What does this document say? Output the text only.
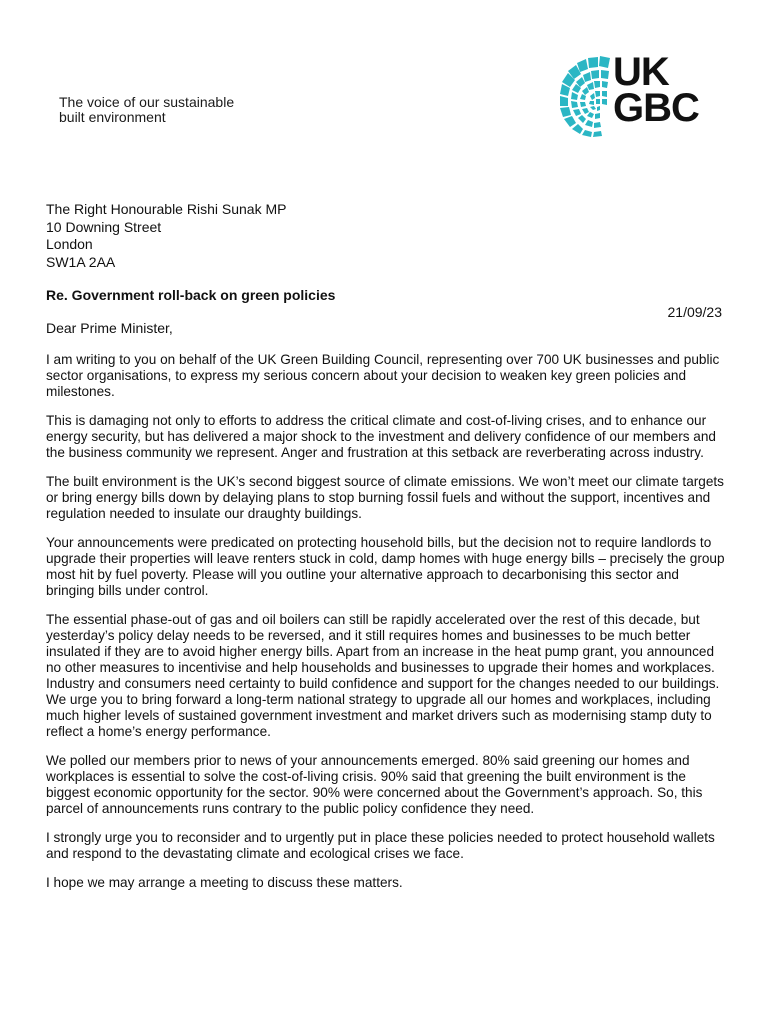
The voice of our sustainable
built environment
UK
GBC
The Right Honourable Rishi Sunak MP
10 Downing Street
London
SW1A 2AA
Re. Government roll-back on green policies
21/09/23
Dear Prime Minister,

I am writing to you on behalf of the UK Green Building Council, representing over 700 UK businesses and public sector organisations, to express my serious concern about your decision to weaken key green policies and milestones.

This is damaging not only to efforts to address the critical climate and cost-of-living crises, and to enhance our energy security, but has delivered a major shock to the investment and delivery confidence of our members and the business community we represent. Anger and frustration at this setback are reverberating across industry.

The built environment is the UK’s second biggest source of climate emissions. We won’t meet our climate targets or bring energy bills down by delaying plans to stop burning fossil fuels and without the support, incentives and regulation needed to insulate our draughty buildings.

Your announcements were predicated on protecting household bills, but the decision not to require landlords to upgrade their properties will leave renters stuck in cold, damp homes with huge energy bills – precisely the group most hit by fuel poverty. Please will you outline your alternative approach to decarbonising this sector and bringing bills under control.

The essential phase-out of gas and oil boilers can still be rapidly accelerated over the rest of this decade, but yesterday’s policy delay needs to be reversed, and it still requires homes and businesses to be much better insulated if they are to avoid higher energy bills. Apart from an increase in the heat pump grant, you announced no other measures to incentivise and help households and businesses to upgrade their homes and workplaces. Industry and consumers need certainty to build confidence and support for the changes needed to our buildings. We urge you to bring forward a long-term national strategy to upgrade all our homes and workplaces, including much higher levels of sustained government investment and market drivers such as modernising stamp duty to reflect a home’s energy performance.

We polled our members prior to news of your announcements emerged. 80% said greening our homes and workplaces is essential to solve the cost-of-living crisis. 90% said that greening the built environment is the biggest economic opportunity for the sector. 90% were concerned about the Government’s approach. So, this parcel of announcements runs contrary to the public policy confidence they need.

I strongly urge you to reconsider and to urgently put in place these policies needed to protect household wallets and respond to the devastating climate and ecological crises we face.

I hope we may arrange a meeting to discuss these matters.
